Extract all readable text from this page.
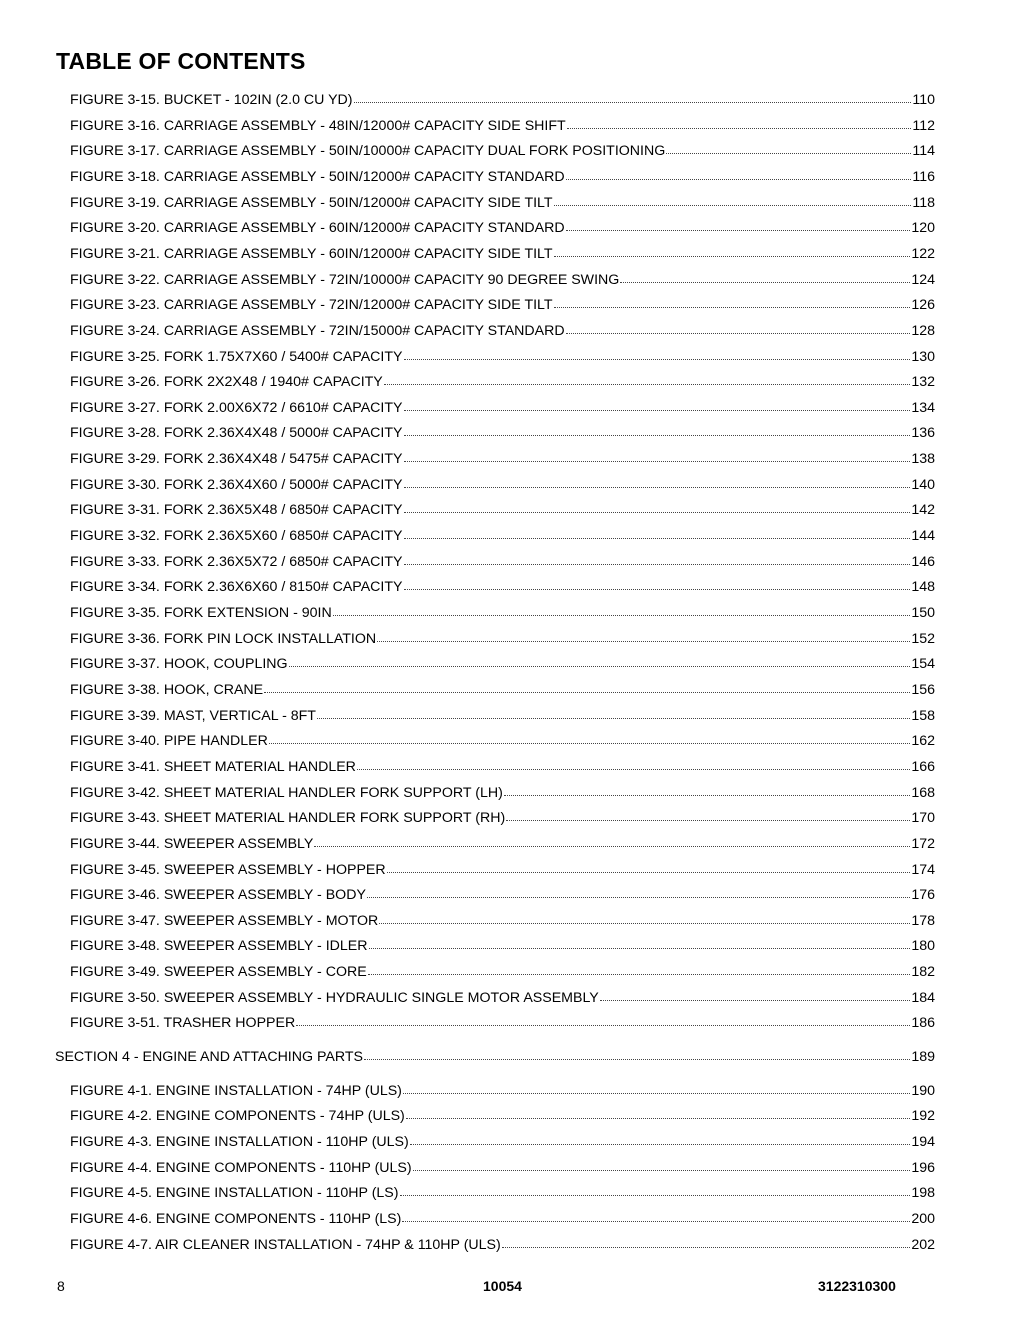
TABLE OF CONTENTS
FIGURE 3-15. BUCKET - 102IN (2.0 CU YD)	110
FIGURE 3-16. CARRIAGE ASSEMBLY - 48IN/12000# CAPACITY SIDE SHIFT	112
FIGURE 3-17. CARRIAGE ASSEMBLY - 50IN/10000# CAPACITY DUAL FORK POSITIONING	114
FIGURE 3-18. CARRIAGE ASSEMBLY - 50IN/12000# CAPACITY STANDARD	116
FIGURE 3-19. CARRIAGE ASSEMBLY - 50IN/12000# CAPACITY SIDE TILT	118
FIGURE 3-20. CARRIAGE ASSEMBLY - 60IN/12000# CAPACITY STANDARD	120
FIGURE 3-21. CARRIAGE ASSEMBLY - 60IN/12000# CAPACITY SIDE TILT	122
FIGURE 3-22. CARRIAGE ASSEMBLY - 72IN/10000# CAPACITY 90 DEGREE SWING	124
FIGURE 3-23. CARRIAGE ASSEMBLY - 72IN/12000# CAPACITY SIDE TILT	126
FIGURE 3-24. CARRIAGE ASSEMBLY - 72IN/15000# CAPACITY STANDARD	128
FIGURE 3-25. FORK 1.75X7X60 / 5400# CAPACITY	130
FIGURE 3-26. FORK 2X2X48 / 1940# CAPACITY	132
FIGURE 3-27. FORK 2.00X6X72 / 6610# CAPACITY	134
FIGURE 3-28. FORK 2.36X4X48 / 5000# CAPACITY	136
FIGURE 3-29. FORK 2.36X4X48 / 5475# CAPACITY	138
FIGURE 3-30. FORK 2.36X4X60 / 5000# CAPACITY	140
FIGURE 3-31. FORK 2.36X5X48 / 6850# CAPACITY	142
FIGURE 3-32. FORK 2.36X5X60 / 6850# CAPACITY	144
FIGURE 3-33. FORK 2.36X5X72 / 6850# CAPACITY	146
FIGURE 3-34. FORK 2.36X6X60 / 8150# CAPACITY	148
FIGURE 3-35. FORK EXTENSION - 90IN	150
FIGURE 3-36. FORK PIN LOCK INSTALLATION	152
FIGURE 3-37. HOOK, COUPLING	154
FIGURE 3-38. HOOK, CRANE	156
FIGURE 3-39. MAST, VERTICAL - 8FT	158
FIGURE 3-40. PIPE HANDLER	162
FIGURE 3-41. SHEET MATERIAL HANDLER	166
FIGURE 3-42. SHEET MATERIAL HANDLER FORK SUPPORT (LH)	168
FIGURE 3-43. SHEET MATERIAL HANDLER FORK SUPPORT (RH)	170
FIGURE 3-44. SWEEPER ASSEMBLY	172
FIGURE 3-45. SWEEPER ASSEMBLY - HOPPER	174
FIGURE 3-46. SWEEPER ASSEMBLY - BODY	176
FIGURE 3-47. SWEEPER ASSEMBLY - MOTOR	178
FIGURE 3-48. SWEEPER ASSEMBLY - IDLER	180
FIGURE 3-49. SWEEPER ASSEMBLY - CORE	182
FIGURE 3-50. SWEEPER ASSEMBLY - HYDRAULIC SINGLE MOTOR ASSEMBLY	184
FIGURE 3-51. TRASHER HOPPER	186
SECTION 4 - ENGINE AND ATTACHING PARTS	189
FIGURE 4-1. ENGINE INSTALLATION - 74HP (ULS)	190
FIGURE 4-2. ENGINE COMPONENTS - 74HP (ULS)	192
FIGURE 4-3. ENGINE INSTALLATION - 110HP (ULS)	194
FIGURE 4-4. ENGINE COMPONENTS - 110HP (ULS)	196
FIGURE 4-5. ENGINE INSTALLATION - 110HP (LS)	198
FIGURE 4-6. ENGINE COMPONENTS - 110HP (LS)	200
FIGURE 4-7. AIR CLEANER INSTALLATION - 74HP & 110HP (ULS)	202
8	10054	3122310300
